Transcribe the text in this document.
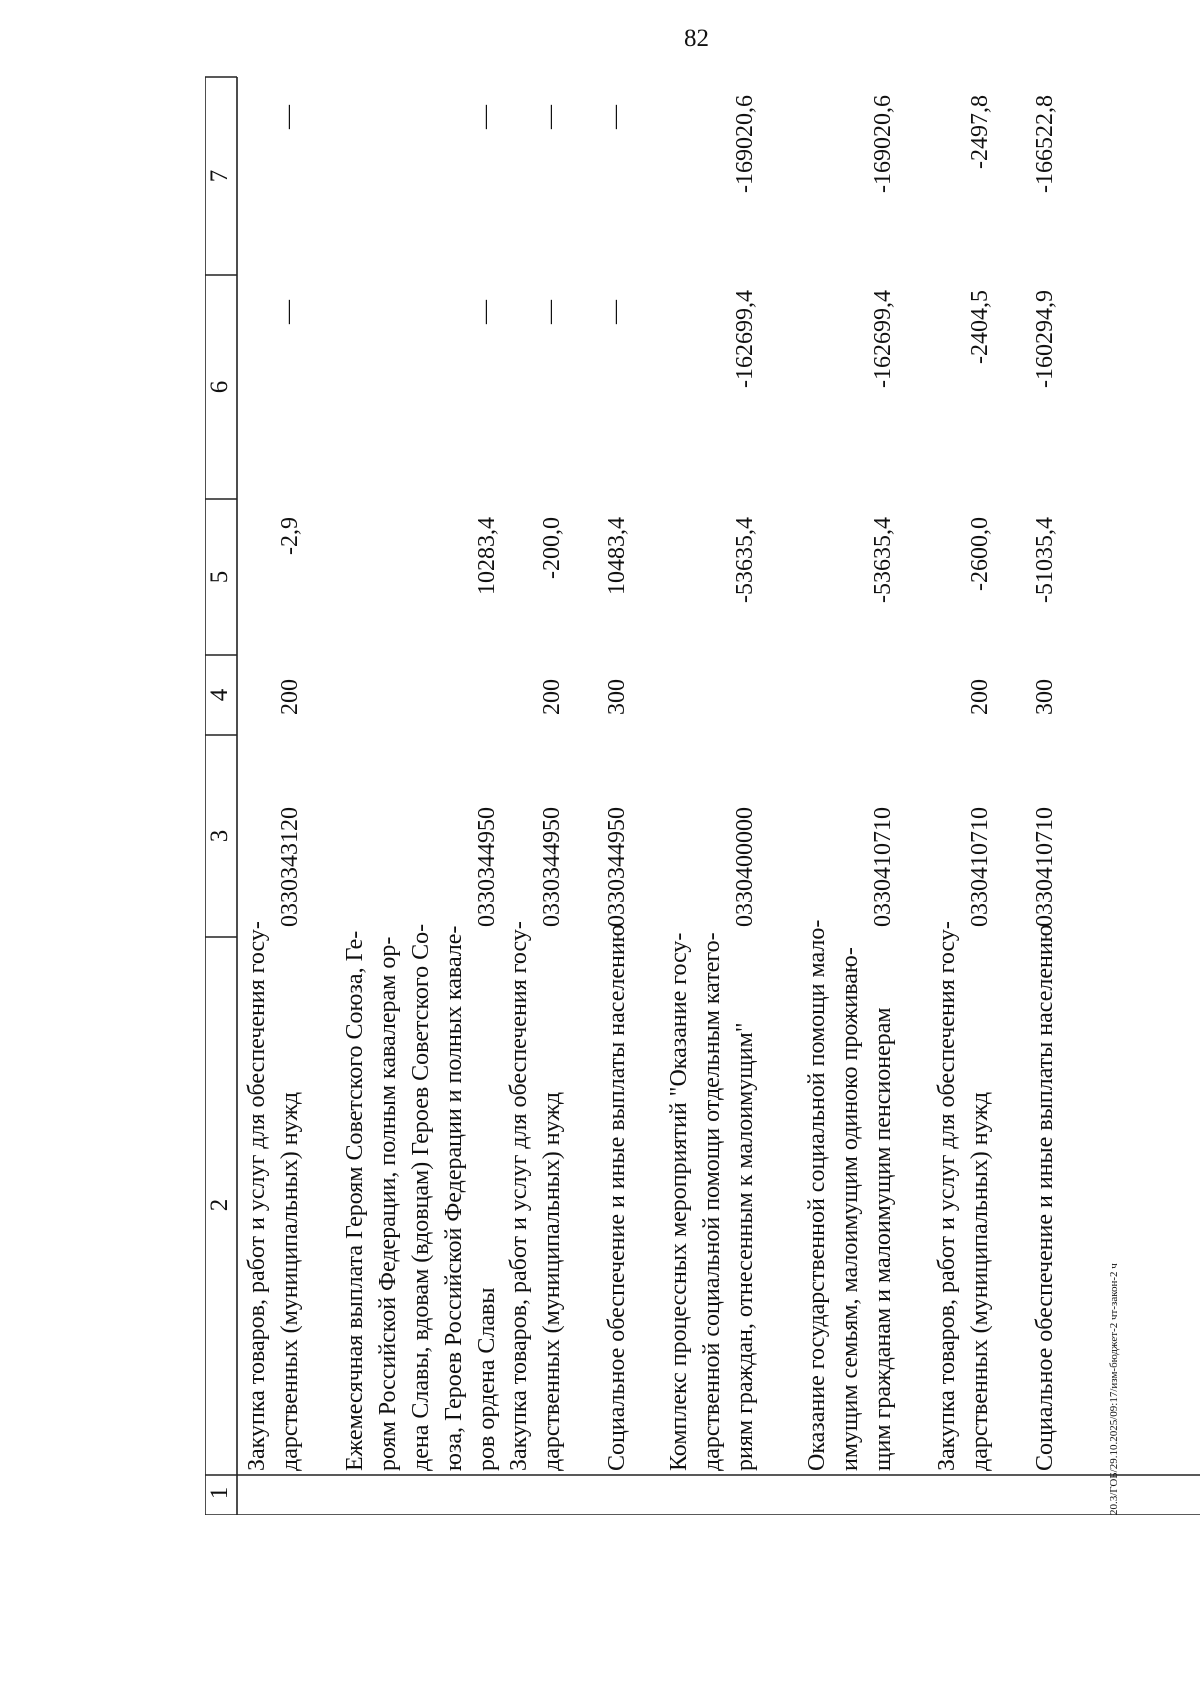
82
1
2
3
4
5
6
7
Закупка товаров, работ и услуг для обеспечения госу- дарственных (муниципальных) нужд
0330343120
200
-2,9
—
—
Ежемесячная выплата Героям Советского Союза, Ге- роям Российской Федерации, полным кавалерам ор- дена Славы, вдовам (вдовцам) Героев Советского Со- юза, Героев Российской Федерации и полных кавале- ров ордена Славы
0330344950
10283,4
—
—
Закупка товаров, работ и услуг для обеспечения госу- дарственных (муниципальных) нужд
0330344950
200
-200,0
—
—
Социальное обеспечение и иные выплаты населению
0330344950
300
10483,4
—
—
Комплекс процессных мероприятий "Оказание госу- дарственной социальной помощи отдельным катего- риям граждан, отнесенным к малоимущим"
0330400000
-53635,4
-162699,4
-169020,6
Оказание государственной социальной помощи мало- имущим семьям, малоимущим одиноко проживаю- щим гражданам и малоимущим пенсионерам
0330410710
-53635,4
-162699,4
-169020,6
Закупка товаров, работ и услуг для обеспечения госу- дарственных (муниципальных) нужд
0330410710
200
-2600,0
-2404,5
-2497,8
Социальное обеспечение и иные выплаты населению
0330410710
300
-51035,4
-160294,9
-166522,8
20.3/ГОБ/29.10.2025/09:17/изм-бюджет-2 чт-закон-2 ч
